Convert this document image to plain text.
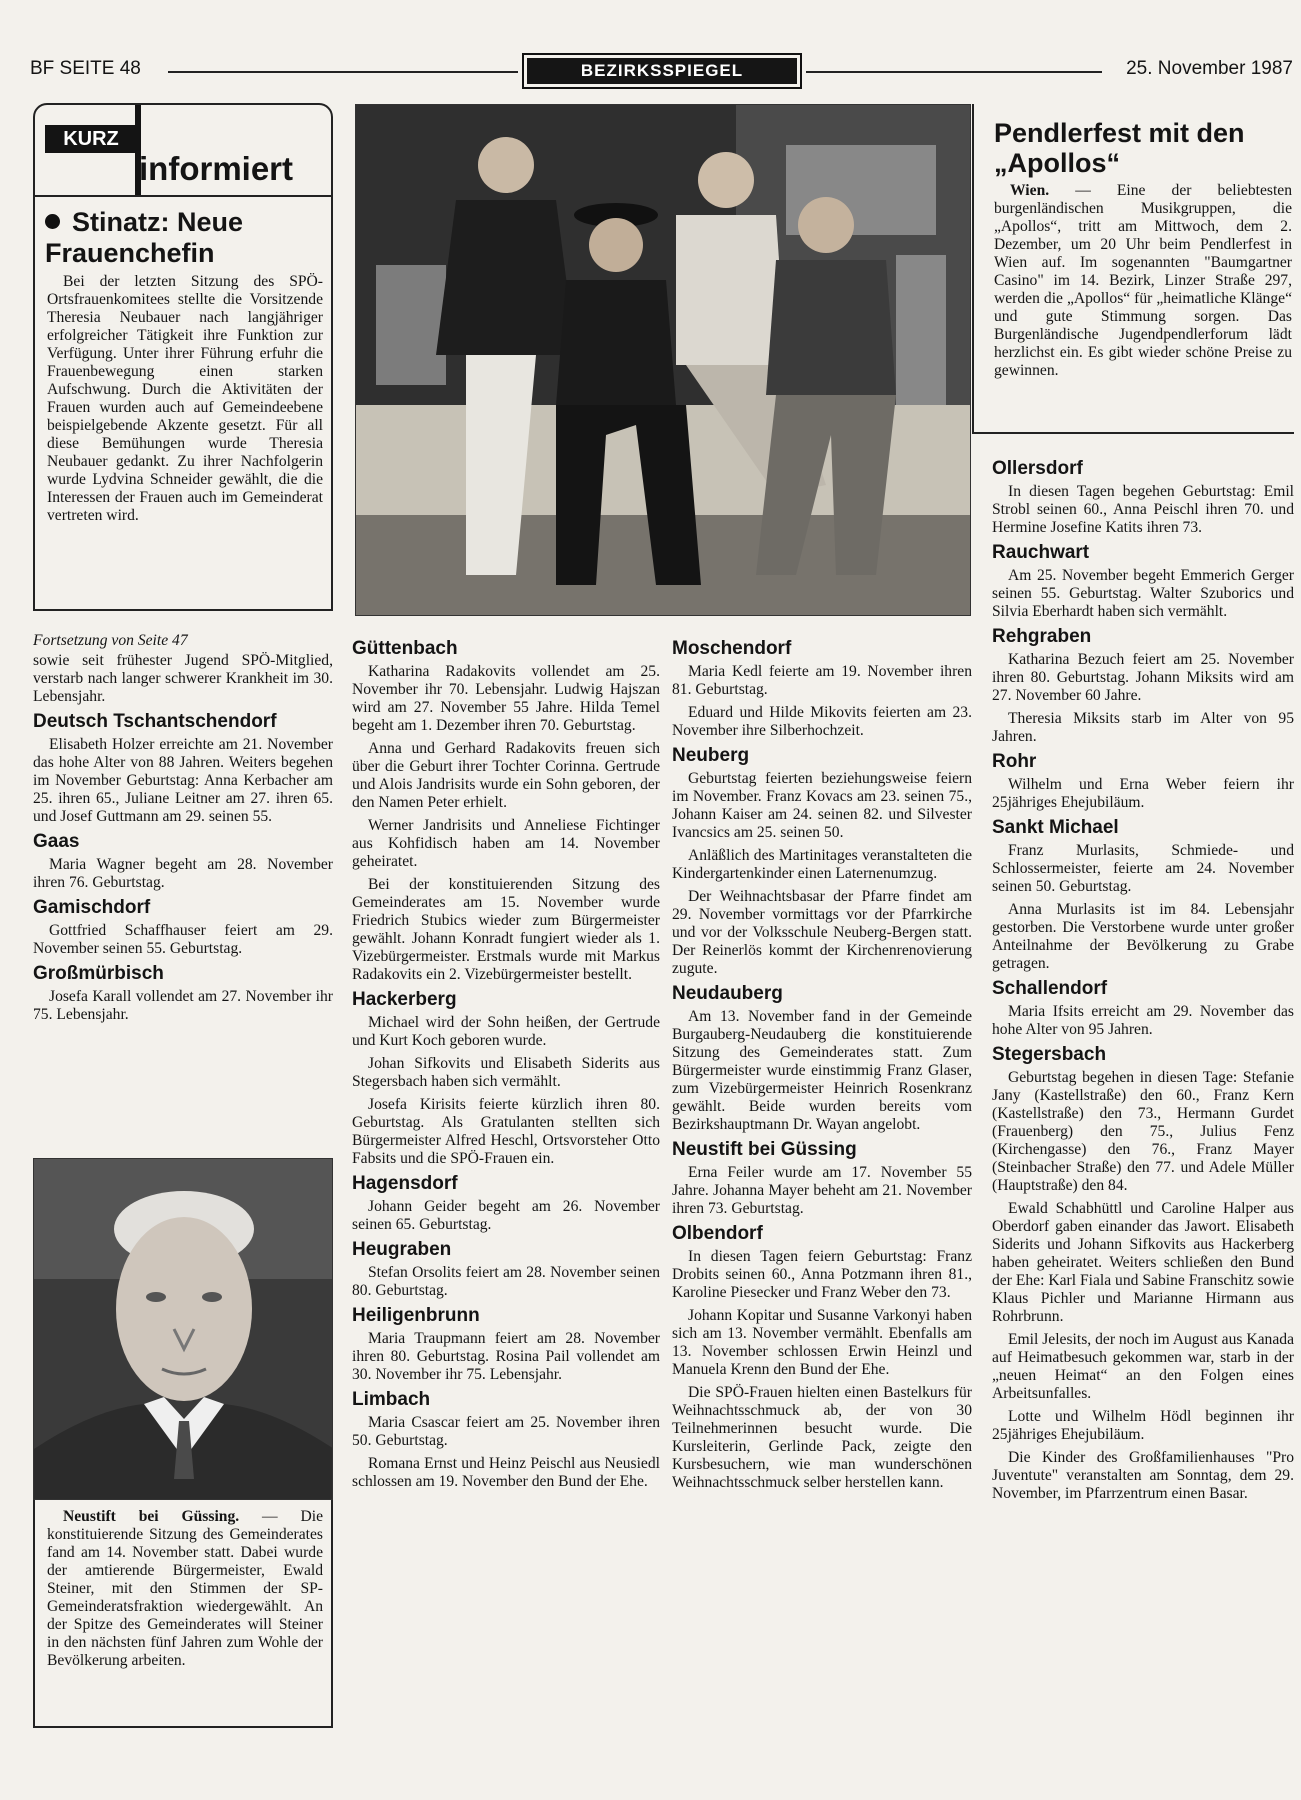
BF SEITE 48	BEZIRKSSPIEGEL	25. November 1987
KURZ
informiert
Stinatz: Neue Frauenchefin
Bei der letzten Sitzung des SPÖ-Ortsfrauenkomitees stellte die Vorsitzende Theresia Neubauer nach langjähriger erfolgreicher Tätigkeit ihre Funktion zur Verfügung. Unter ihrer Führung erfuhr die Frauenbewegung einen starken Aufschwung. Durch die Aktivitäten der Frauen wurden auch auf Gemeindeebene beispielgebende Akzente gesetzt. Für all diese Bemühungen wurde Theresia Neubauer gedankt. Zu ihrer Nachfolgerin wurde Lydvina Schneider gewählt, die die Interessen der Frauen auch im Gemeinderat vertreten wird.
Pendlerfest mit den „Apollos“
Wien. — Eine der beliebtesten burgenländischen Musikgruppen, die „Apollos“, tritt am Mittwoch, dem 2. Dezember, um 20 Uhr beim Pendlerfest in Wien auf. Im sogenannten "Baumgartner Casino" im 14. Bezirk, Linzer Straße 297, werden die „Apollos“ für „heimatliche Klänge“ und gute Stimmung sorgen. Das Burgenländische Jugendpendlerforum lädt herzlichst ein. Es gibt wieder schöne Preise zu gewinnen.

Fortsetzung von Seite 47

sowie seit frühester Jugend SPÖ-Mitglied, verstarb nach langer schwerer Krankheit im 30. Lebensjahr.

Deutsch Tschantschendorf

Elisabeth Holzer erreichte am 21. November das hohe Alter von 88 Jahren. Weiters begehen im November Geburtstag: Anna Kerbacher am 25. ihren 65., Juliane Leitner am 27. ihren 65. und Josef Guttmann am 29. seinen 55.

Gaas

Maria Wagner begeht am 28. November ihren 76. Geburtstag.

Gamischdorf

Gottfried Schaffhauser feiert am 29. November seinen 55. Geburtstag.

Großmürbisch

Josefa Karall vollendet am 27. November ihr 75. Lebensjahr.

Neustift bei Güssing. — Die konstituierende Sitzung des Gemeinderates fand am 14. November statt. Dabei wurde der amtierende Bürgermeister, Ewald Steiner, mit den Stimmen der SP-Gemeinderatsfraktion wiedergewählt. An der Spitze des Gemeinderates will Steiner in den nächsten fünf Jahren zum Wohle der Bevölkerung arbeiten.

Güttenbach

Katharina Radakovits vollendet am 25. November ihr 70. Lebensjahr. Ludwig Hajszan wird am 27. November 55 Jahre. Hilda Temel begeht am 1. Dezember ihren 70. Geburtstag.

Anna und Gerhard Radakovits freuen sich über die Geburt ihrer Tochter Corinna. Gertrude und Alois Jandrisits wurde ein Sohn geboren, der den Namen Peter erhielt.

Werner Jandrisits und Anneliese Fichtinger aus Kohfidisch haben am 14. November geheiratet.

Bei der konstituierenden Sitzung des Gemeinderates am 15. November wurde Friedrich Stubics wieder zum Bürgermeister gewählt. Johann Konradt fungiert wieder als 1. Vizebürgermeister. Erstmals wurde mit Markus Radakovits ein 2. Vizebürgermeister bestellt.

Hackerberg

Michael wird der Sohn heißen, der Gertrude und Kurt Koch geboren wurde.

Johan Sifkovits und Elisabeth Siderits aus Stegersbach haben sich vermählt.

Josefa Kirisits feierte kürzlich ihren 80. Geburtstag. Als Gratulanten stellten sich Bürgermeister Alfred Heschl, Ortsvorsteher Otto Fabsits und die SPÖ-Frauen ein.

Hagensdorf

Johann Geider begeht am 26. November seinen 65. Geburtstag.

Heugraben

Stefan Orsolits feiert am 28. November seinen 80. Geburtstag.

Heiligenbrunn

Maria Traupmann feiert am 28. November ihren 80. Geburtstag. Rosina Pail vollendet am 30. November ihr 75. Lebensjahr.

Limbach

Maria Csascar feiert am 25. November ihren 50. Geburtstag.

Romana Ernst und Heinz Peischl aus Neusiedl schlossen am 19. November den Bund der Ehe.

Moschendorf

Maria Kedl feierte am 19. November ihren 81. Geburtstag.

Eduard und Hilde Mikovits feierten am 23. November ihre Silberhochzeit.

Neuberg

Geburtstag feierten beziehungsweise feiern im November. Franz Kovacs am 23. seinen 75., Johann Kaiser am 24. seinen 82. und Silvester Ivancsics am 25. seinen 50.

Anläßlich des Martinitages veranstalteten die Kindergartenkinder einen Laternenumzug.

Der Weihnachtsbasar der Pfarre findet am 29. November vormittags vor der Pfarrkirche und vor der Volksschule Neuberg-Bergen statt. Der Reinerlös kommt der Kirchenrenovierung zugute.

Neudauberg

Am 13. November fand in der Gemeinde Burgauberg-Neudauberg die konstituierende Sitzung des Gemeinderates statt. Zum Bürgermeister wurde einstimmig Franz Glaser, zum Vizebürgermeister Heinrich Rosenkranz gewählt. Beide wurden bereits vom Bezirkshauptmann Dr. Wayan angelobt.

Neustift bei Güssing

Erna Feiler wurde am 17. November 55 Jahre. Johanna Mayer beheht am 21. November ihren 73. Geburtstag.

Olbendorf

In diesen Tagen feiern Geburtstag: Franz Drobits seinen 60., Anna Potzmann ihren 81., Karoline Piesecker und Franz Weber den 73.

Johann Kopitar und Susanne Varkonyi haben sich am 13. November vermählt. Ebenfalls am 13. November schlossen Erwin Heinzl und Manuela Krenn den Bund der Ehe.

Die SPÖ-Frauen hielten einen Bastelkurs für Weihnachtsschmuck ab, der von 30 Teilnehmerinnen besucht wurde. Die Kursleiterin, Gerlinde Pack, zeigte den Kursbesuchern, wie man wunderschönen Weihnachtsschmuck selber herstellen kann.

Ollersdorf

In diesen Tagen begehen Geburtstag: Emil Strobl seinen 60., Anna Peischl ihren 70. und Hermine Josefine Katits ihren 73.

Rauchwart

Am 25. November begeht Emmerich Gerger seinen 55. Geburtstag. Walter Szuborics und Silvia Eberhardt haben sich vermählt.

Rehgraben

Katharina Bezuch feiert am 25. November ihren 80. Geburtstag. Johann Miksits wird am 27. November 60 Jahre.

Theresia Miksits starb im Alter von 95 Jahren.

Rohr

Wilhelm und Erna Weber feiern ihr 25jähriges Ehejubiläum.

Sankt Michael

Franz Murlasits, Schmiede- und Schlossermeister, feierte am 24. November seinen 50. Geburtstag.

Anna Murlasits ist im 84. Lebensjahr gestorben. Die Verstorbene wurde unter großer Anteilnahme der Bevölkerung zu Grabe getragen.

Schallendorf

Maria Ifsits erreicht am 29. November das hohe Alter von 95 Jahren.

Stegersbach

Geburtstag begehen in diesen Tage: Stefanie Jany (Kastellstraße) den 60., Franz Kern (Kastellstraße) den 73., Hermann Gurdet (Frauenberg) den 75., Julius Fenz (Kirchengasse) den 76., Franz Mayer (Steinbacher Straße) den 77. und Adele Müller (Hauptstraße) den 84.

Ewald Schabhüttl und Caroline Halper aus Oberdorf gaben einander das Jawort. Elisabeth Siderits und Johann Sifkovits aus Hackerberg haben geheiratet. Weiters schließen den Bund der Ehe: Karl Fiala und Sabine Franschitz sowie Klaus Pichler und Marianne Hirmann aus Rohrbrunn.

Emil Jelesits, der noch im August aus Kanada auf Heimatbesuch gekommen war, starb in der „neuen Heimat“ an den Folgen eines Arbeitsunfalles.

Lotte und Wilhelm Hödl beginnen ihr 25jähriges Ehejubiläum.

Die Kinder des Großfamilienhauses "Pro Juventute" veranstalten am Sonntag, dem 29. November, im Pfarrzentrum einen Basar.
